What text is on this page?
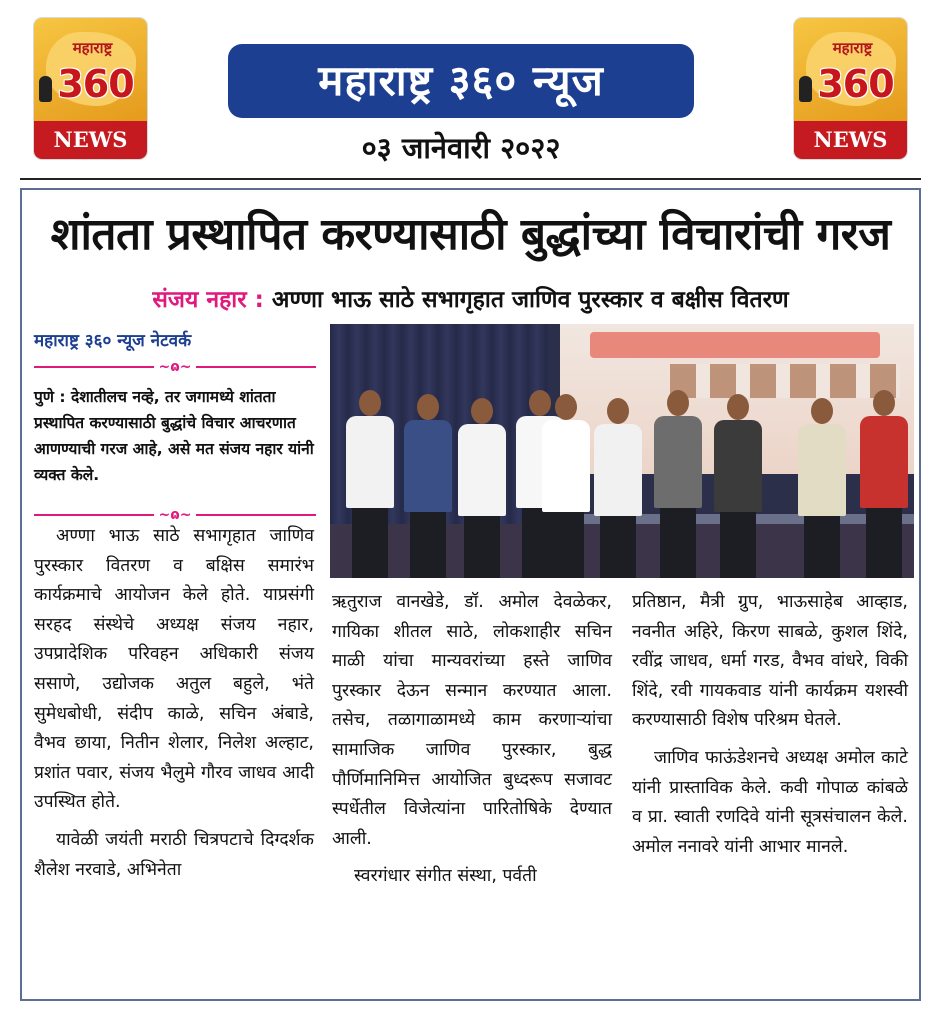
महाराष्ट्र
360
NEWS
महाराष्ट्र ३६० न्यूज
०३ जानेवारी २०२२
महाराष्ट्र
360
NEWS
शांतता प्रस्थापित करण्यासाठी बुद्धांच्या विचारांची गरज
संजय नहार : अण्णा भाऊ साठे सभागृहात जाणिव पुरस्कार व बक्षीस वितरण
महाराष्ट्र ३६० न्यूज नेटवर्क
~ɷ~
पुणे : देशातीलच नव्हे, तर जगामध्ये शांतता प्रस्थापित करण्यासाठी बुद्धांचे विचार आचरणात आणण्याची गरज आहे, असे मत संजय नहार यांनी व्यक्त केले.
~ɷ~

अण्णा भाऊ साठे सभागृहात जाणिव पुरस्कार वितरण व बक्षिस समारंभ कार्यक्रमाचे आयोजन केले होते. याप्रसंगी सरहद संस्थेचे अध्यक्ष संजय नहार, उपप्रादेशिक परिवहन अधिकारी संजय ससाणे, उद्योजक अतुल बहुले, भंते सुमेधबोधी, संदीप काळे, सचिन अंबाडे, वैभव छाया, नितीन शेलार, निलेश अल्हाट, प्रशांत पवार, संजय भैलुमे गौरव जाधव आदी उपस्थित होते.

यावेळी जयंती मराठी चित्रपटाचे दिग्दर्शक शैलेश नरवाडे, अभिनेता

ऋतुराज वानखेडे, डॉ. अमोल देवळेकर, गायिका शीतल साठे, लोकशाहीर सचिन माळी यांचा मान्यवरांच्या हस्ते जाणिव पुरस्कार देऊन सन्मान करण्यात आला. तसेच, तळागाळामध्ये काम करणाऱ्यांचा सामाजिक जाणिव पुरस्कार, बुद्ध पौर्णिमानिमित्त आयोजित बुध्दरूप सजावट स्पर्धेतील विजेत्यांना पारितोषिके देण्यात आली.

स्वरगंधार संगीत संस्था, पर्वती

प्रतिष्ठान, मैत्री ग्रुप, भाऊसाहेब आव्हाड, नवनीत अहिरे, किरण साबळे, कुशल शिंदे, रवींद्र जाधव, धर्मा गरड, वैभव वांधरे, विकी शिंदे, रवी गायकवाड यांनी कार्यक्रम यशस्वी करण्यासाठी विशेष परिश्रम घेतले.

जाणिव फाऊंडेशनचे अध्यक्ष अमोल काटे यांनी प्रास्ताविक केले. कवी गोपाळ कांबळे व प्रा. स्वाती रणदिवे यांनी सूत्रसंचालन केले. अमोल ननावरे यांनी आभार मानले.
